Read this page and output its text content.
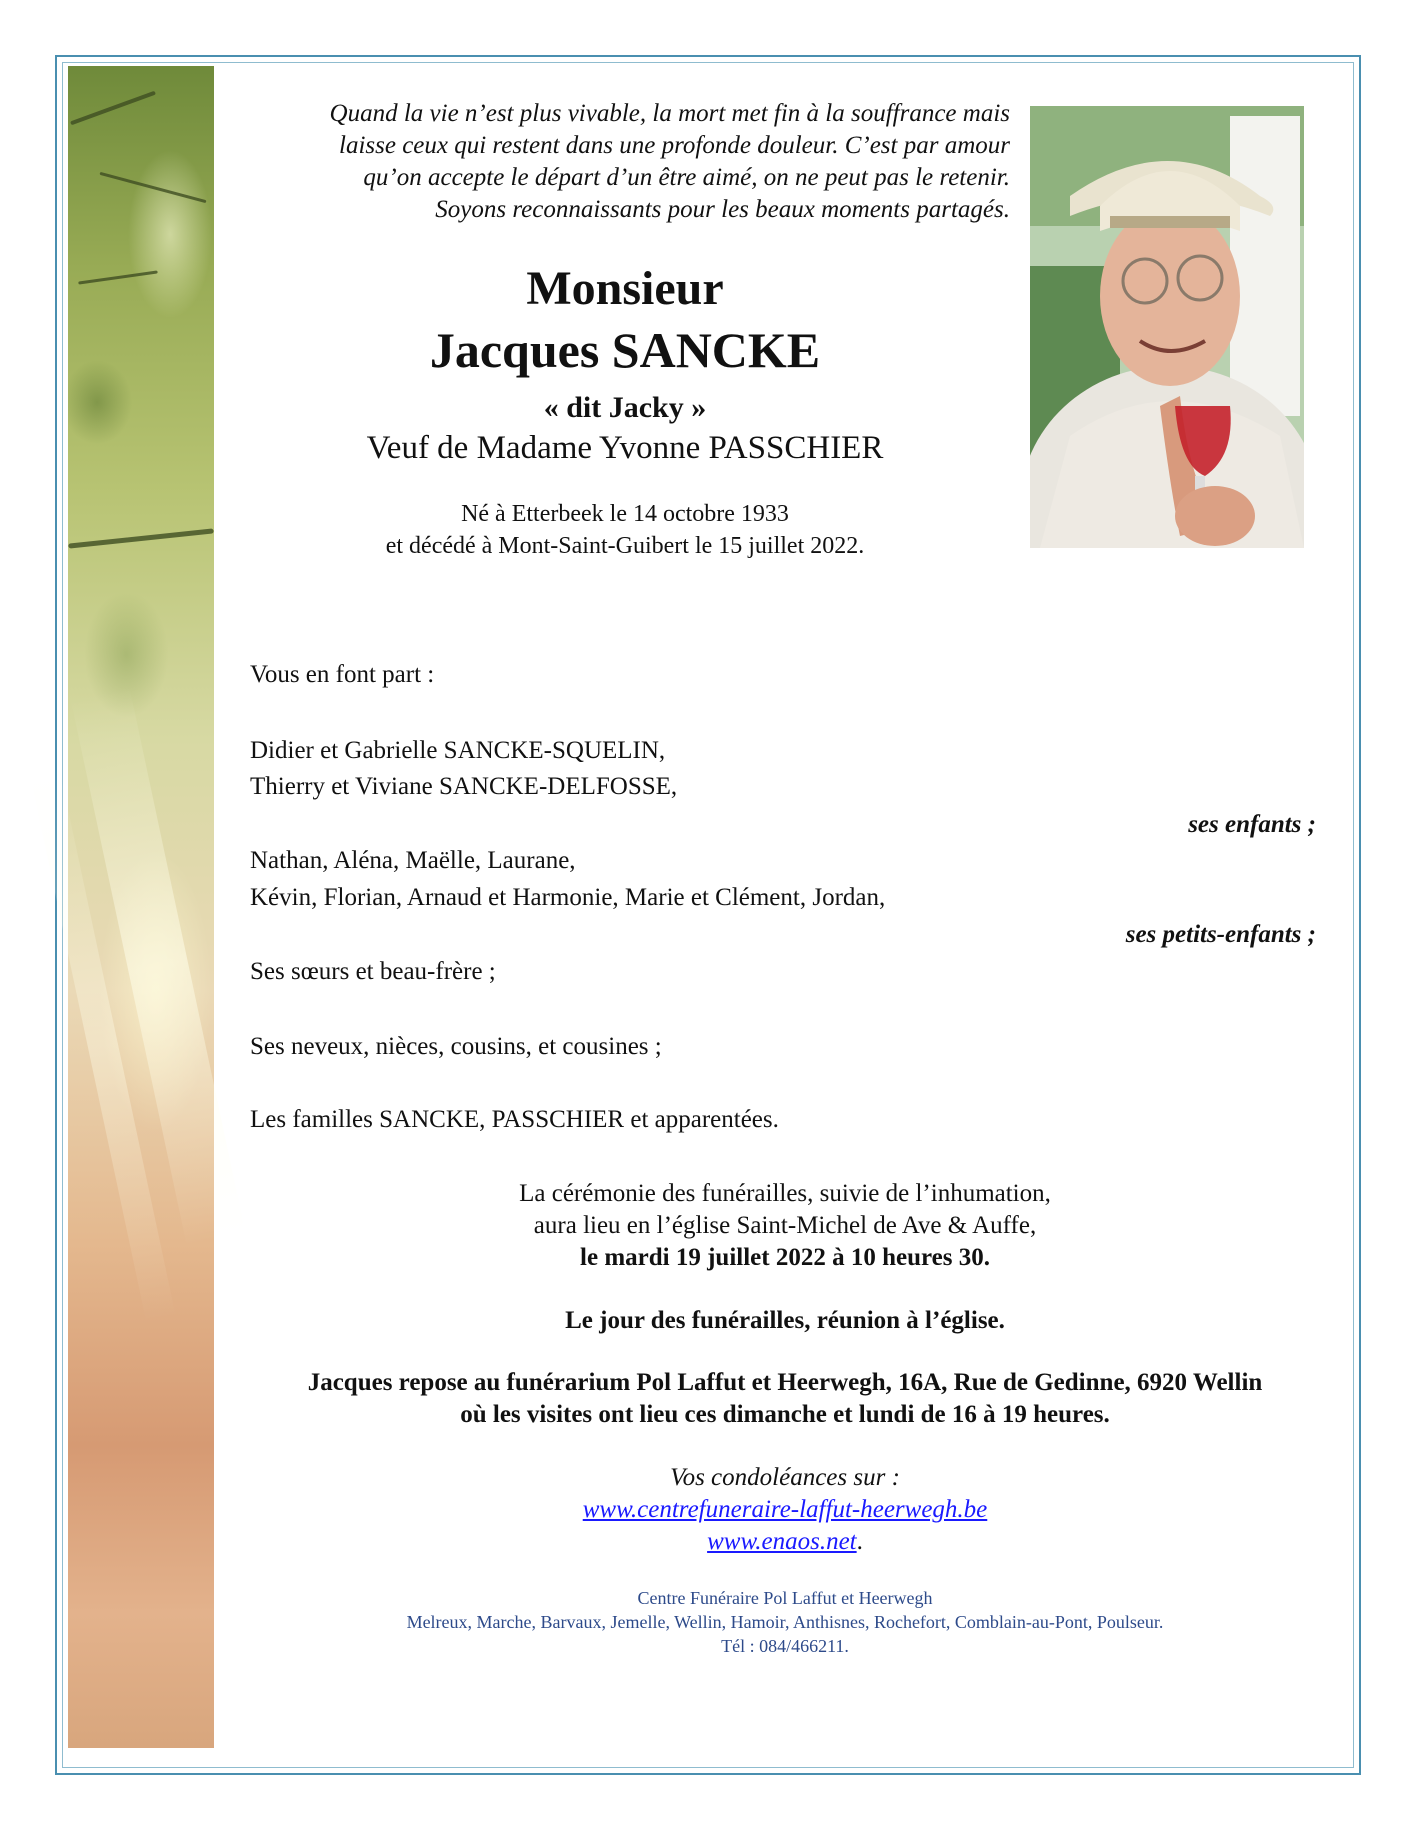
Quand la vie n’est plus vivable, la mort met fin à la souffrance mais
laisse ceux qui restent dans une profonde douleur. C’est par amour
qu’on accepte le départ d’un être aimé, on ne peut pas le retenir.
Soyons reconnaissants pour les beaux moments partagés.
Monsieur
Jacques SANCKE
« dit Jacky »
Veuf de Madame Yvonne PASSCHIER
Né à Etterbeek le 14 octobre 1933
et décédé à Mont-Saint-Guibert le 15 juillet 2022.
Vous en font part :
Didier et Gabrielle SANCKE-SQUELIN,
Thierry et Viviane SANCKE-DELFOSSE,
ses enfants ;
Nathan, Aléna, Maëlle, Laurane,
Kévin, Florian, Arnaud et Harmonie, Marie et Clément, Jordan,
ses petits-enfants ;
Ses sœurs et beau-frère ;
Ses neveux, nièces, cousins, et cousines ;
Les familles SANCKE, PASSCHIER et apparentées.
La cérémonie des funérailles, suivie de l’inhumation,
aura lieu en l’église Saint-Michel de Ave & Auffe,
le mardi 19 juillet 2022 à 10 heures 30.
Le jour des funérailles, réunion à l’église.
Jacques repose au funérarium Pol Laffut et Heerwegh, 16A, Rue de Gedinne, 6920 Wellin
où les visites ont lieu ces dimanche et lundi de 16 à 19 heures.
Vos condoléances sur :
www.centrefuneraire-laffut-heerwegh.be
www.enaos.net.
Centre Funéraire Pol Laffut et Heerwegh
Melreux, Marche, Barvaux, Jemelle, Wellin, Hamoir, Anthisnes, Rochefort, Comblain-au-Pont, Poulseur.
Tél : 084/466211.
